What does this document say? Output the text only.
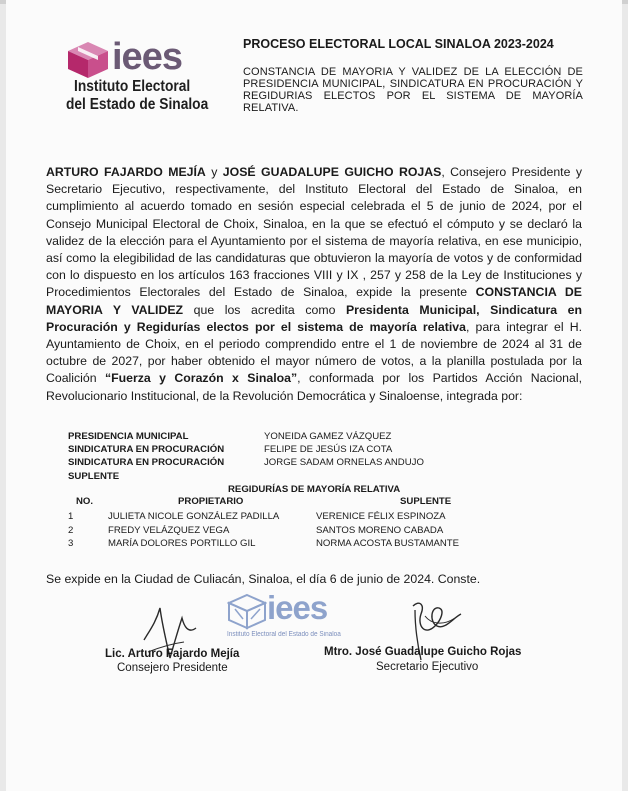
iees
Instituto Electoral
del Estado de Sinaloa
PROCESO ELECTORAL LOCAL SINALOA 2023-2024
CONSTANCIA DE MAYORIA Y VALIDEZ DE LA ELECCIÓN DE PRESIDENCIA MUNICIPAL, SINDICATURA EN PROCURACIÓN Y REGIDURIAS ELECTOS POR EL SISTEMA DE MAYORÍA RELATIVA.
ARTURO FAJARDO MEJÍA y JOSÉ GUADALUPE GUICHO ROJAS, Consejero Presidente y Secretario Ejecutivo, respectivamente, del Instituto Electoral del Estado de Sinaloa, en cumplimiento al acuerdo tomado en sesión especial celebrada el 5 de junio de 2024, por el Consejo Municipal Electoral de Choix, Sinaloa, en la que se efectuó el cómputo y se declaró la validez de la elección para el Ayuntamiento por el sistema de mayoría relativa, en ese municipio, así como la elegibilidad de las candidaturas que obtuvieron la mayoría de votos y de conformidad con lo dispuesto en los artículos 163 fracciones VIII y IX , 257 y 258 de la Ley de Instituciones y Procedimientos Electorales del Estado de Sinaloa, expide la presente CONSTANCIA DE MAYORIA Y VALIDEZ que los acredita como Presidenta Municipal, Sindicatura en Procuración y Regidurías electos por el sistema de mayoría relativa, para integrar el H. Ayuntamiento de Choix, en el periodo comprendido entre el 1 de noviembre de 2024 al 31 de octubre de 2027, por haber obtenido el mayor número de votos, a la planilla postulada por la Coalición “Fuerza y Corazón x Sinaloa”, conformada por los Partidos Acción Nacional, Revolucionario Institucional, de la Revolución Democrática y Sinaloense, integrada por:
PRESIDENCIA MUNICIPAL	YONEIDA GAMEZ VÁZQUEZ
SINDICATURA EN PROCURACIÓN	FELIPE DE JESÚS IZA COTA
SINDICATURA EN PROCURACIÓN	JORGE SADAM ORNELAS ANDUJO
SUPLENTE
REGIDURÍAS DE MAYORÍA RELATIVA
NO.	PROPIETARIO	SUPLENTE
1	JULIETA NICOLE GONZÁLEZ PADILLA	VERENICE FÉLIX ESPINOZA
2	FREDY VELÁZQUEZ VEGA	SANTOS MORENO CABADA
3	MARÍA DOLORES PORTILLO GIL	NORMA ACOSTA BUSTAMANTE
Se expide en la Ciudad de Culiacán, Sinaloa, el día 6 de junio de 2024. Conste.
iees
Instituto Electoral del Estado de Sinaloa
Lic. Arturo Fajardo Mejía
Consejero Presidente
Mtro. José Guadalupe Guicho Rojas
Secretario Ejecutivo
